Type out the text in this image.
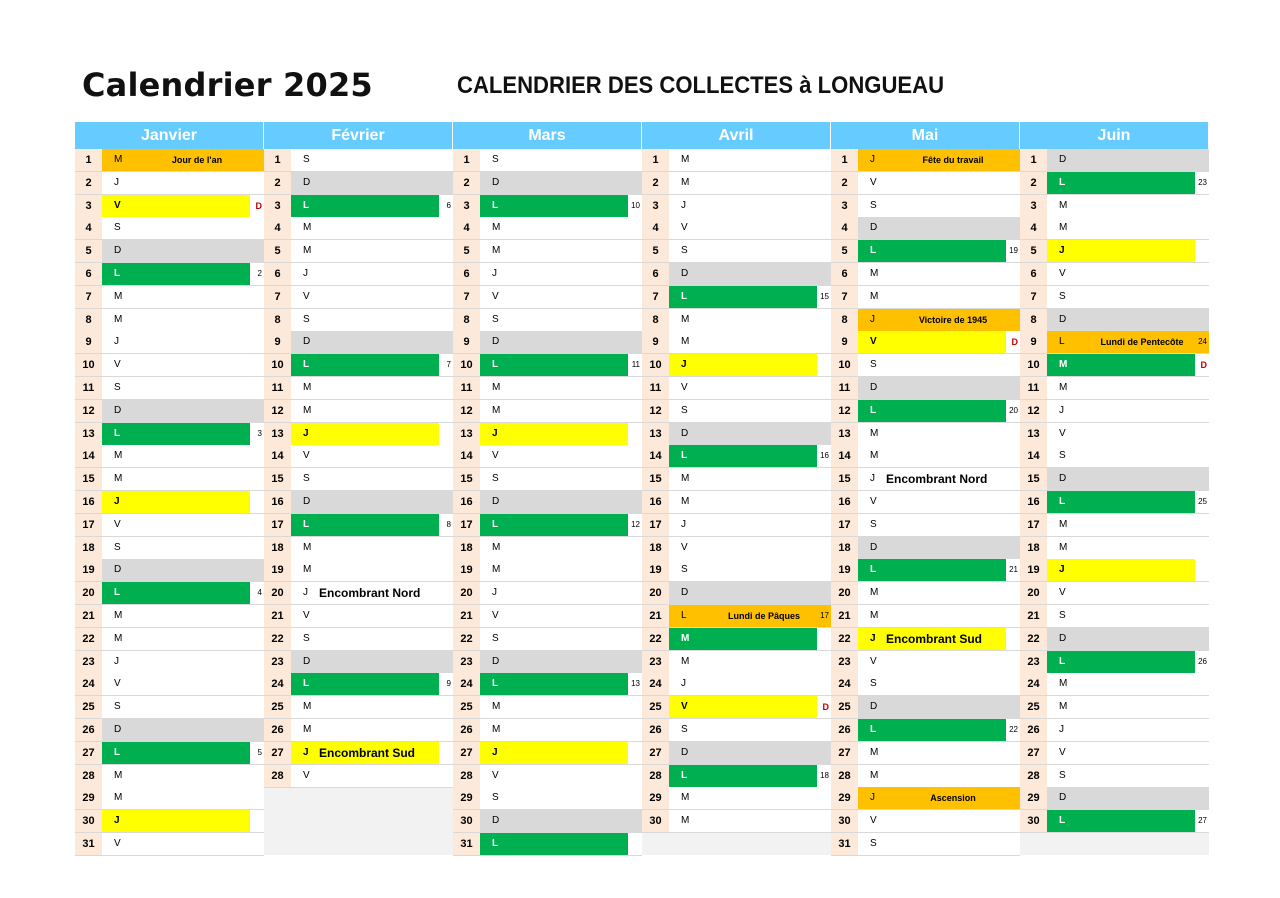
Calendrier 2025	CALENDRIER DES COLLECTES à LONGUEAU
Janvier
1	M	Jour de l'an
2	J
3	V	D
4	S
5	D
6	L	2
7	M
8	M
9	J
10	V
11	S
12	D
13	L	3
14	M
15	M
16	J
17	V
18	S
19	D
20	L	4
21	M
22	M
23	J
24	V
25	S
26	D
27	L	5
28	M
29	M
30	J
31	V
Février
1	S
2	D
3	L	6
4	M
5	M
6	J
7	V
8	S
9	D
10	L	7
11	M
12	M
13	J
14	V
15	S
16	D
17	L	8
18	M
19	M
20	J Encombrant Nord
21	V
22	S
23	D
24	L	9
25	M
26	M
27	J Encombrant Sud
28	V
Mars
1	S
2	D
3	L	10
4	M
5	M
6	J
7	V
8	S
9	D
10	L	11
11	M
12	M
13	J
14	V
15	S
16	D
17	L	12
18	M
19	M
20	J
21	V
22	S
23	D
24	L	13
25	M
26	M
27	J
28	V
29	S
30	D
31	L
Avril
1	M
2	M
3	J
4	V
5	S
6	D
7	L	15
8	M
9	M
10	J
11	V
12	S
13	D
14	L	16
15	M
16	M
17	J
18	V
19	S
20	D
21	L	Lundi de Pâques	17
22	M
23	M
24	J
25	V	D
26	S
27	D
28	L	18
29	M
30	M
Mai
1	J	Fête du travail
2	V
3	S
4	D
5	L	19
6	M
7	M
8	J	Victoire de 1945
9	V	D
10	S
11	D
12	L	20
13	M
14	M
15	J Encombrant Nord
16	V
17	S
18	D
19	L	21
20	M
21	M
22	J Encombrant Sud
23	V
24	S
25	D
26	L	22
27	M
28	M
29	J	Ascension
30	V
31	S
Juin
1	D
2	L	23
3	M
4	M
5	J
6	V
7	S
8	D
9	L	Lundi de Pentecôte	24
10	M	D
11	M
12	J
13	V
14	S
15	D
16	L	25
17	M
18	M
19	J
20	V
21	S
22	D
23	L	26
24	M
25	M
26	J
27	V
28	S
29	D
30	L	27
